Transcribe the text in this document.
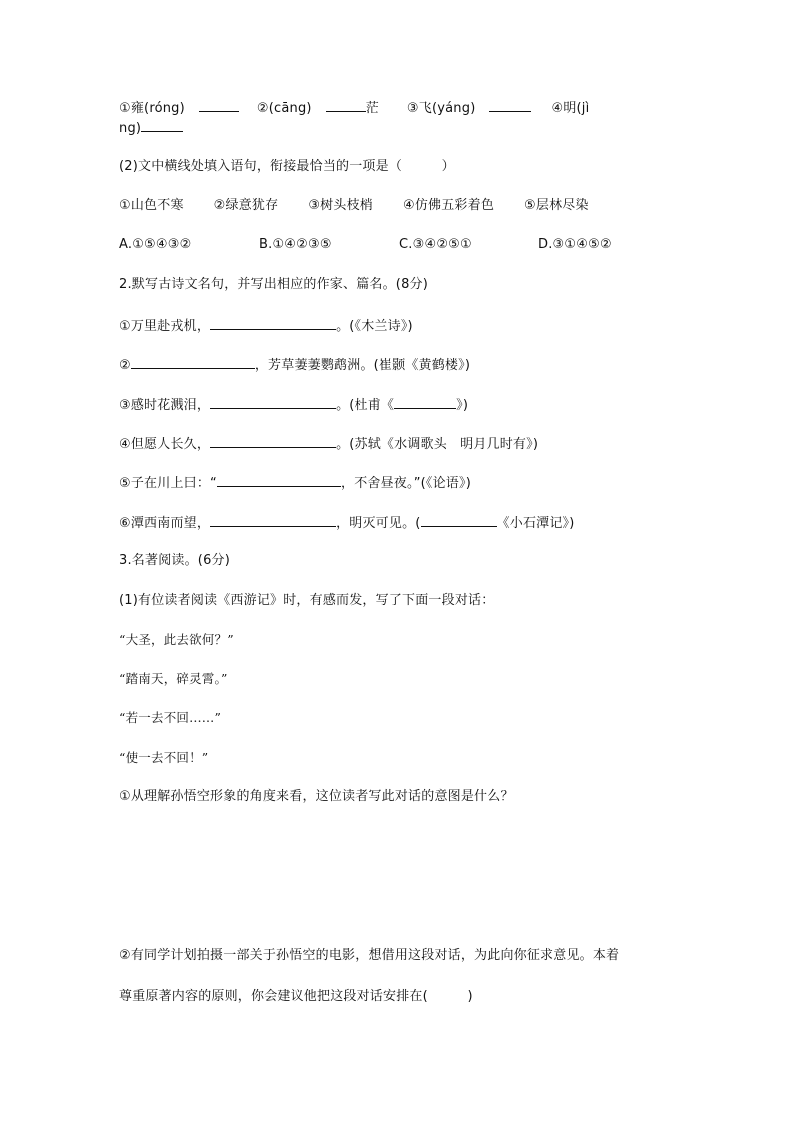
①雍(róng)	②(cāng)	茫 ③飞(yáng)	④明(jì
ng)
(2)文中横线处填入语句，衔接最恰当的一项是（　　　）
①山色不寒 ②绿意犹存 ③树头枝梢 ④仿佛五彩着色 ⑤层林尽染
A.①⑤④③②	B.①④②③⑤	C.③④②⑤①	D.③①④⑤②
2.默写古诗文名句，并写出相应的作家、篇名。(8分)
①万里赴戎机，	。(《木兰诗》)
②	，芳草萋萋鹦鹉洲。(崔颢《黄鹤楼》)
③感时花溅泪，	。(杜甫《	》)
④但愿人长久，	。(苏轼《水调歌头　明月几时有》)
⑤子在川上曰：“	，不舍昼夜。”(《论语》)
⑥潭西南而望，	，明灭可见。(	《小石潭记》)
3.名著阅读。(6分)
(1)有位读者阅读《西游记》时，有感而发，写了下面一段对话：
“大圣，此去欲何？”
“踏南天，碎灵霄。”
“若一去不回……”
“使一去不回！”
①从理解孙悟空形象的角度来看，这位读者写此对话的意图是什么？
②有同学计划拍摄一部关于孙悟空的电影，想借用这段对话，为此向你征求意见。本着
尊重原著内容的原则，你会建议他把这段对话安排在(　　　)
